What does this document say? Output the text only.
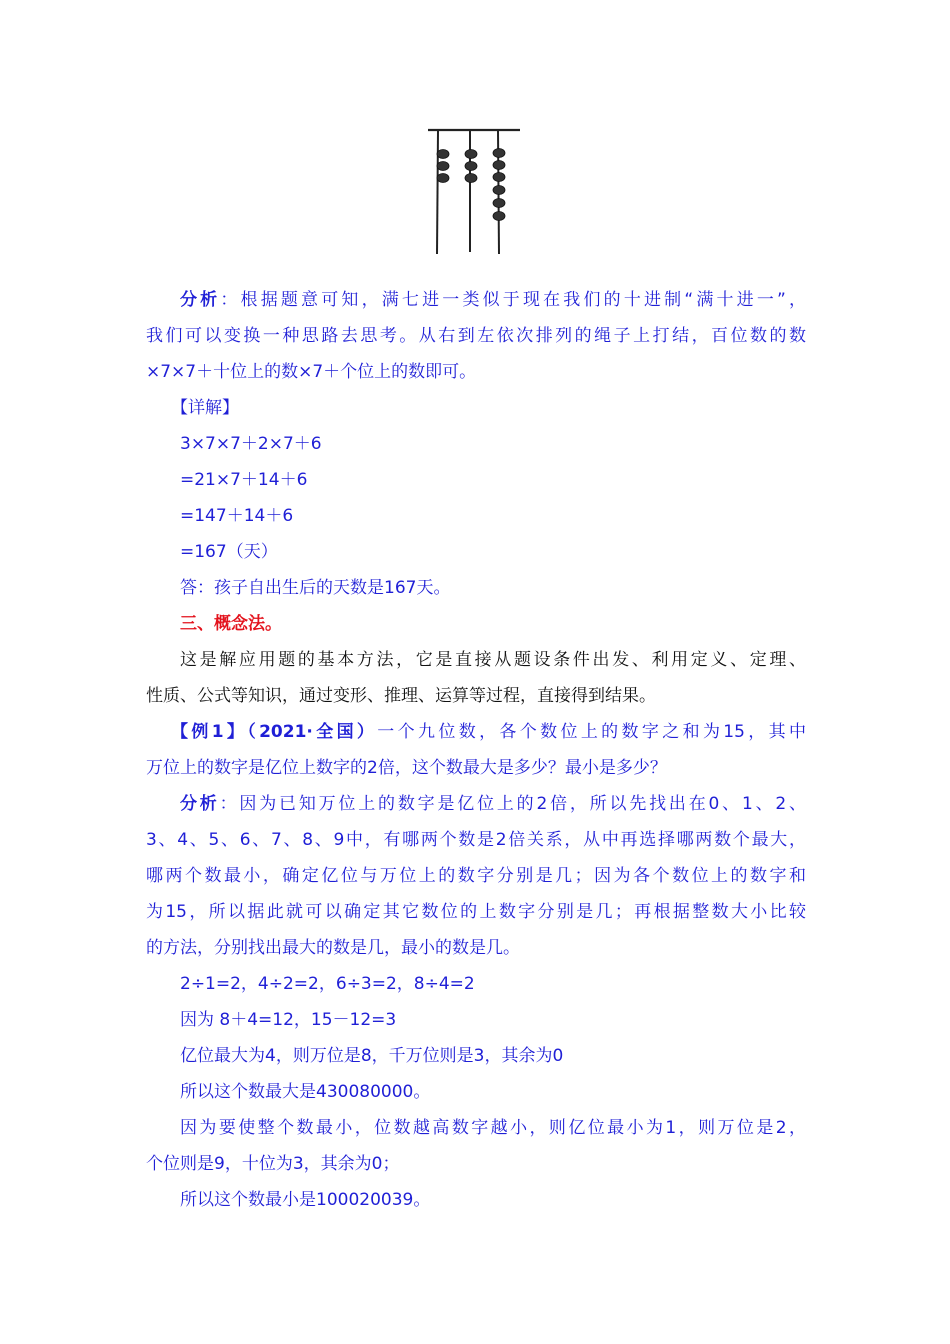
分析：根据题意可知，满七进一类似于现在我们的十进制“满十进一”，
我们可以变换一种思路去思考。从右到左依次排列的绳子上打结，百位数的数
×7×7＋十位上的数×7＋个位上的数即可。
【详解】
3×7×7＋2×7＋6
=21×7＋14＋6
=147＋14＋6
=167（天）
答：孩子自出生后的天数是167天。
三、概念法。
这是解应用题的基本方法，它是直接从题设条件出发、利用定义、定理、
性质、公式等知识，通过变形、推理、运算等过程，直接得到结果。
【例1】（2021·全国）一个九位数，各个数位上的数字之和为15，其中
万位上的数字是亿位上数字的2倍，这个数最大是多少？最小是多少？
分析：因为已知万位上的数字是亿位上的2倍，所以先找出在0、1、2、
3、4、5、6、7、8、9中，有哪两个数是2倍关系，从中再选择哪两数个最大，
哪两个数最小，确定亿位与万位上的数字分别是几；因为各个数位上的数字和
为15，所以据此就可以确定其它数位的上数字分别是几；再根据整数大小比较
的方法，分别找出最大的数是几，最小的数是几。
2÷1=2，4÷2=2，6÷3=2，8÷4=2
因为 8＋4=12，15－12=3
亿位最大为4，则万位是8，千万位则是3，其余为0
所以这个数最大是430080000。
因为要使整个数最小，位数越高数字越小，则亿位最小为1，则万位是2，
个位则是9，十位为3，其余为0；
所以这个数最小是100020039。
